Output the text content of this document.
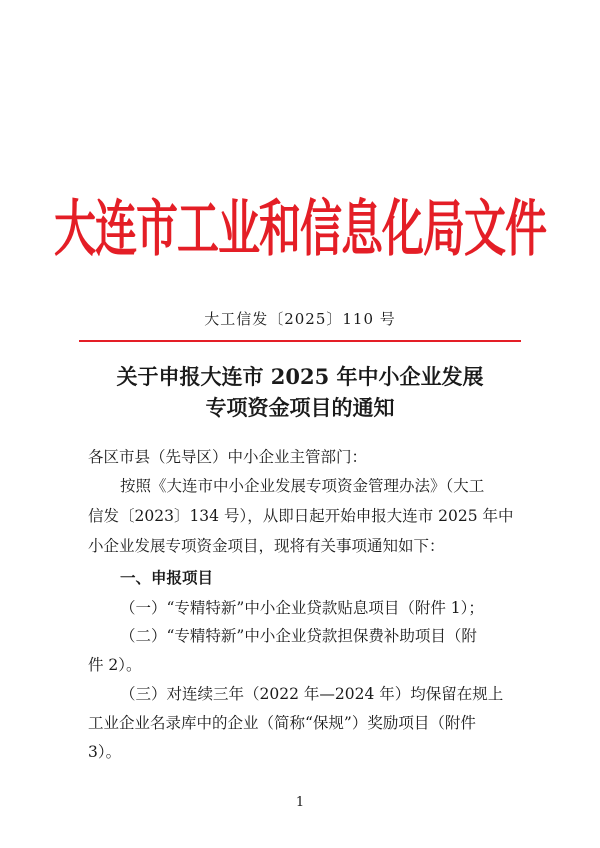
大连市工业和信息化局文件
大工信发〔2025〕110 号
关于申报大连市 2025 年中小企业发展
专项资金项目的通知
各区市县（先导区）中小企业主管部门：
按照《大连市中小企业发展专项资金管理办法》（大工
信发〔2023〕134 号），从即日起开始申报大连市 2025 年中
小企业发展专项资金项目，现将有关事项通知如下：
一、申报项目
（一）“专精特新”中小企业贷款贴息项目（附件 1）；
（二）“专精特新”中小企业贷款担保费补助项目（附
件 2）。
（三）对连续三年（2022 年—2024 年）均保留在规上
工业企业名录库中的企业（简称“保规”）奖励项目（附件
3）。
1
